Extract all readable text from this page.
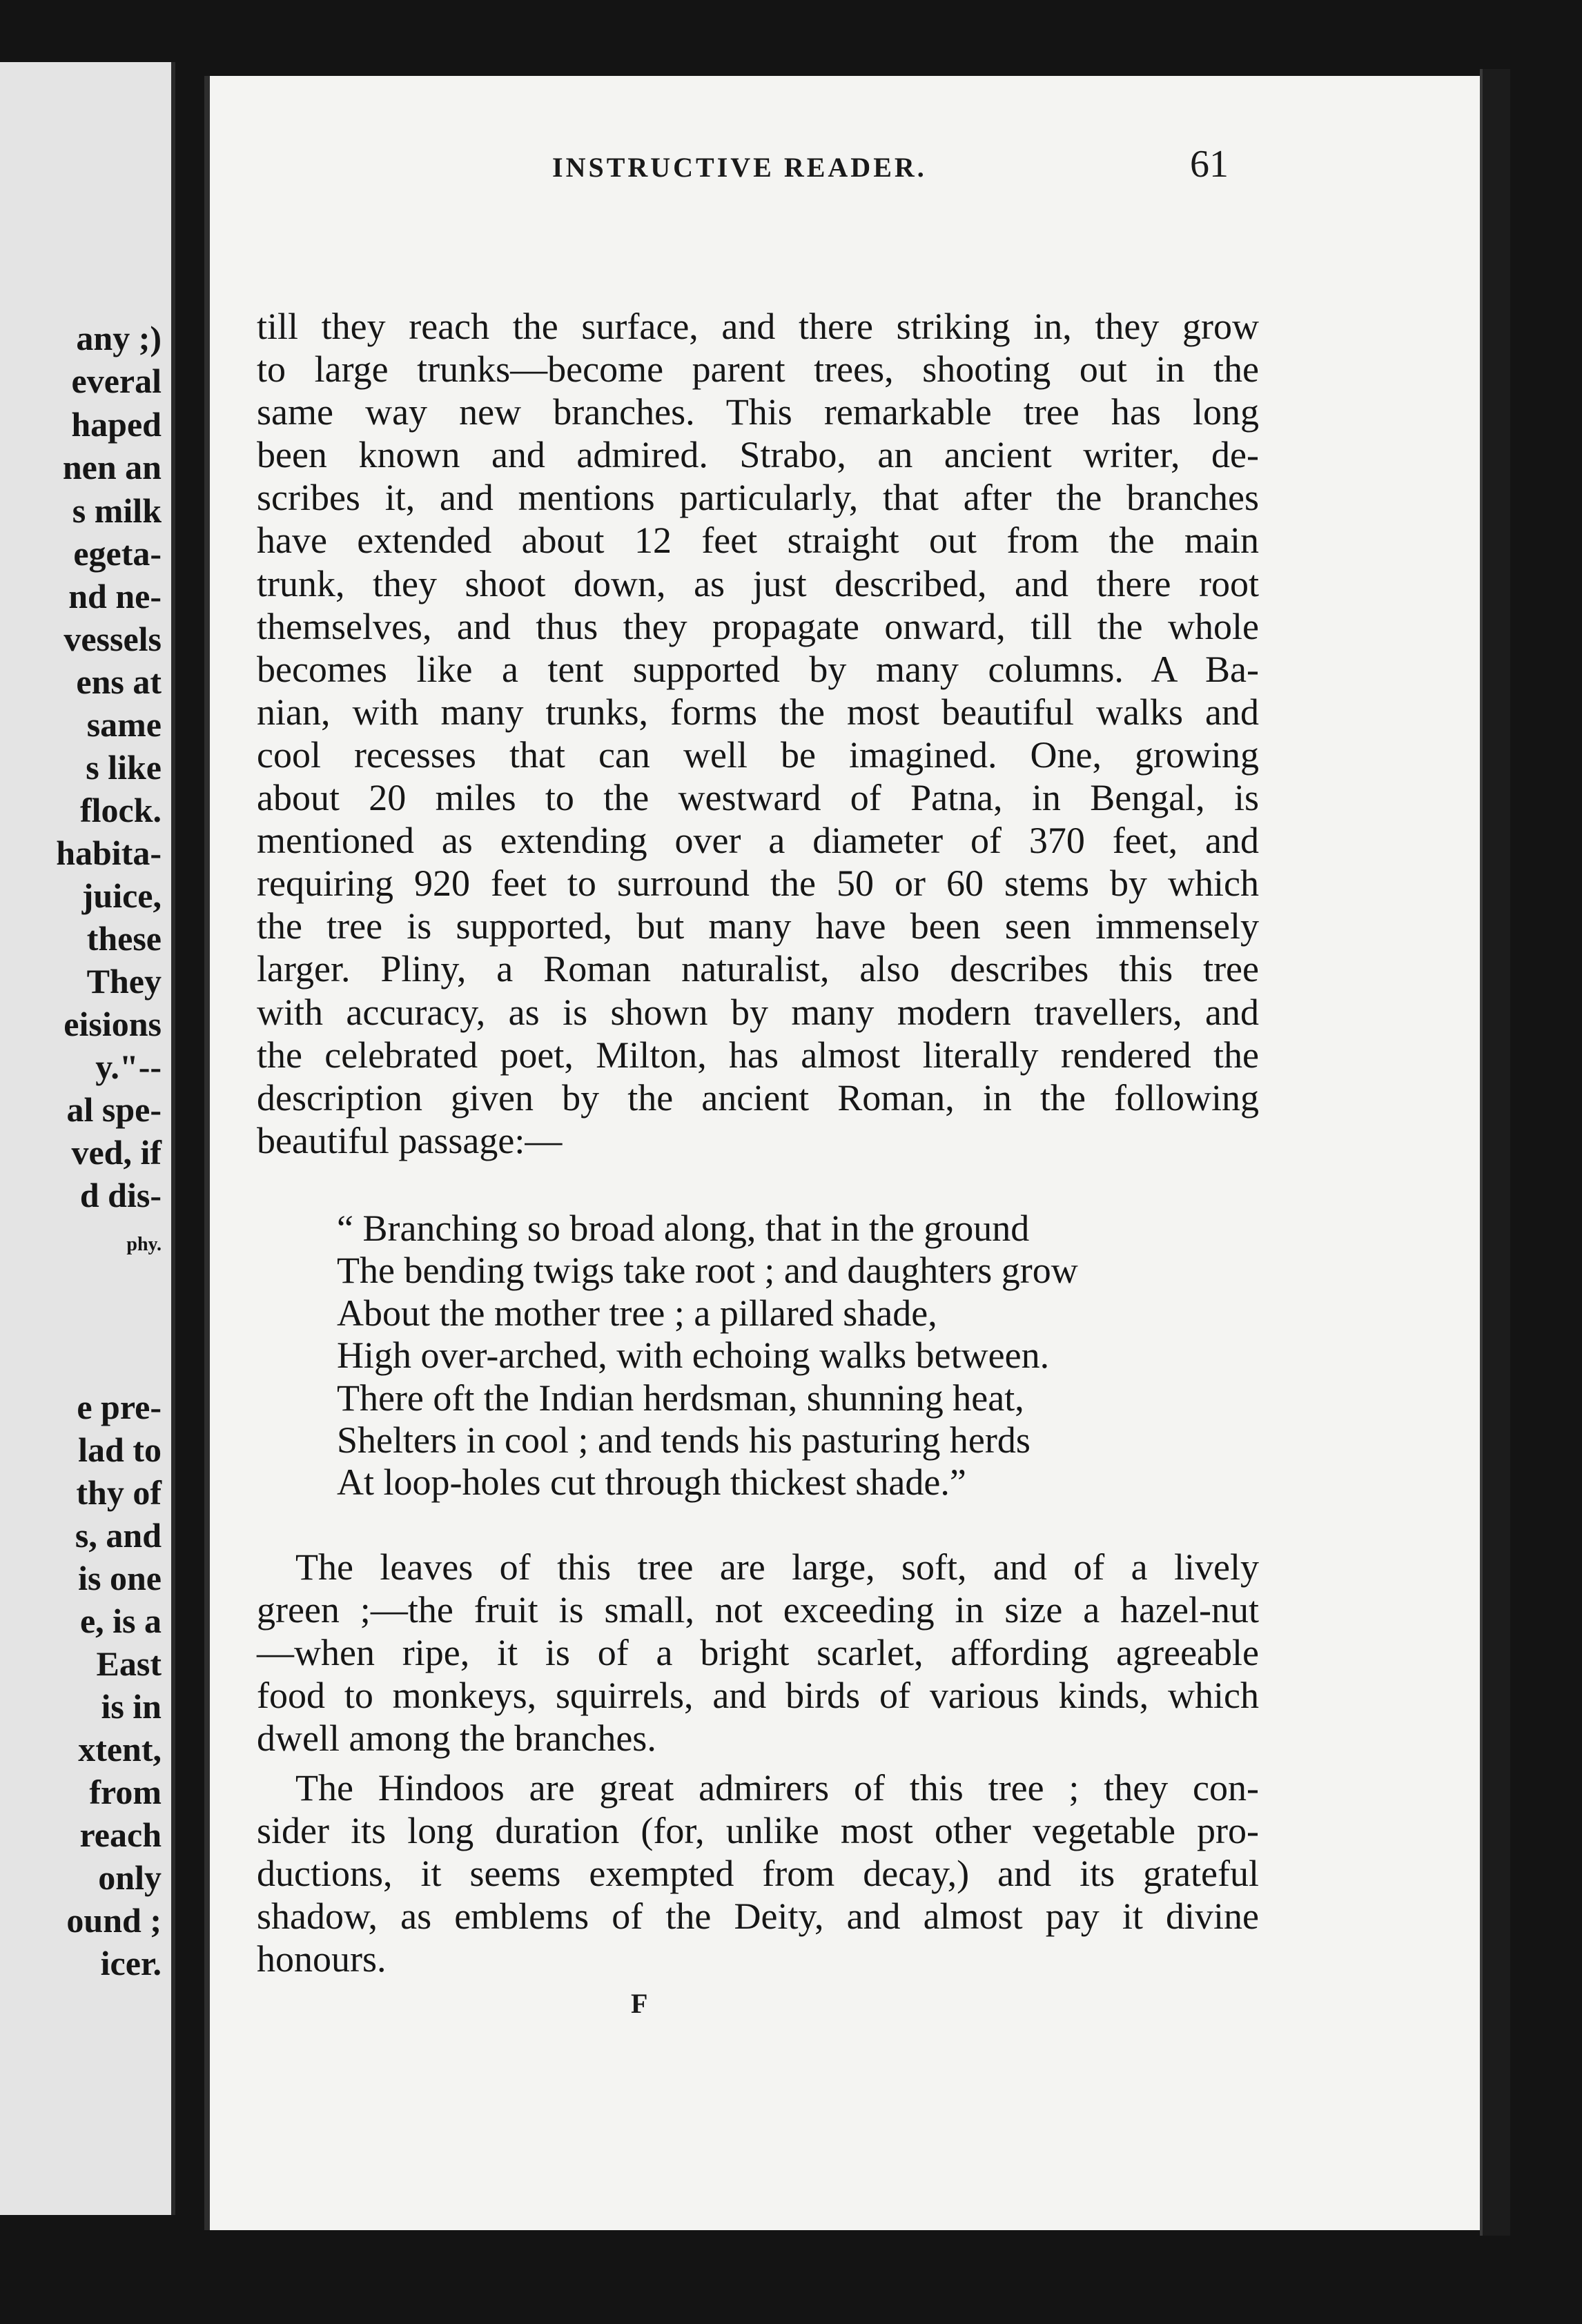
any ;)

everal

haped

nen an

s milk

egeta-

nd ne-

vessels

ens at

same

s like

flock.

habita-

juice,

these

They

eisions

y."--

al spe-

ved, if

d dis-

phy.

e pre-

lad to

thy of

s, and

is one

e, is a

East

is in

xtent,

from

reach

only

ound ;

icer.

INSTRUCTIVE READER.	61
till they reach the surface, and there striking in, they grow
to large trunks—become parent trees, shooting out in the
same way new branches. This remarkable tree has long
been known and admired. Strabo, an ancient writer, de-
scribes it, and mentions particularly, that after the branches
have extended about 12 feet straight out from the main
trunk, they shoot down, as just described, and there root
themselves, and thus they propagate onward, till the whole
becomes like a tent supported by many columns. A Ba-
nian, with many trunks, forms the most beautiful walks and
cool recesses that can well be imagined. One, growing
about 20 miles to the westward of Patna, in Bengal, is
mentioned as extending over a diameter of 370 feet, and
requiring 920 feet to surround the 50 or 60 stems by which
the tree is supported, but many have been seen immensely
larger. Pliny, a Roman naturalist, also describes this tree
with accuracy, as is shown by many modern travellers, and
the celebrated poet, Milton, has almost literally rendered the
description given by the ancient Roman, in the following
beautiful passage:—
“ Branching so broad along, that in the ground
The bending twigs take root ; and daughters grow
About the mother tree ; a pillared shade,
High over-arched, with echoing walks between.
There oft the Indian herdsman, shunning heat,
Shelters in cool ; and tends his pasturing herds
At loop-holes cut through thickest shade.”
The leaves of this tree are large, soft, and of a lively
green ;—the fruit is small, not exceeding in size a hazel-nut
—when ripe, it is of a bright scarlet, affording agreeable
food to monkeys, squirrels, and birds of various kinds, which
dwell among the branches.
The Hindoos are great admirers of this tree ; they con-
sider its long duration (for, unlike most other vegetable pro-
ductions, it seems exempted from decay,) and its grateful
shadow, as emblems of the Deity, and almost pay it divine
honours.
F
